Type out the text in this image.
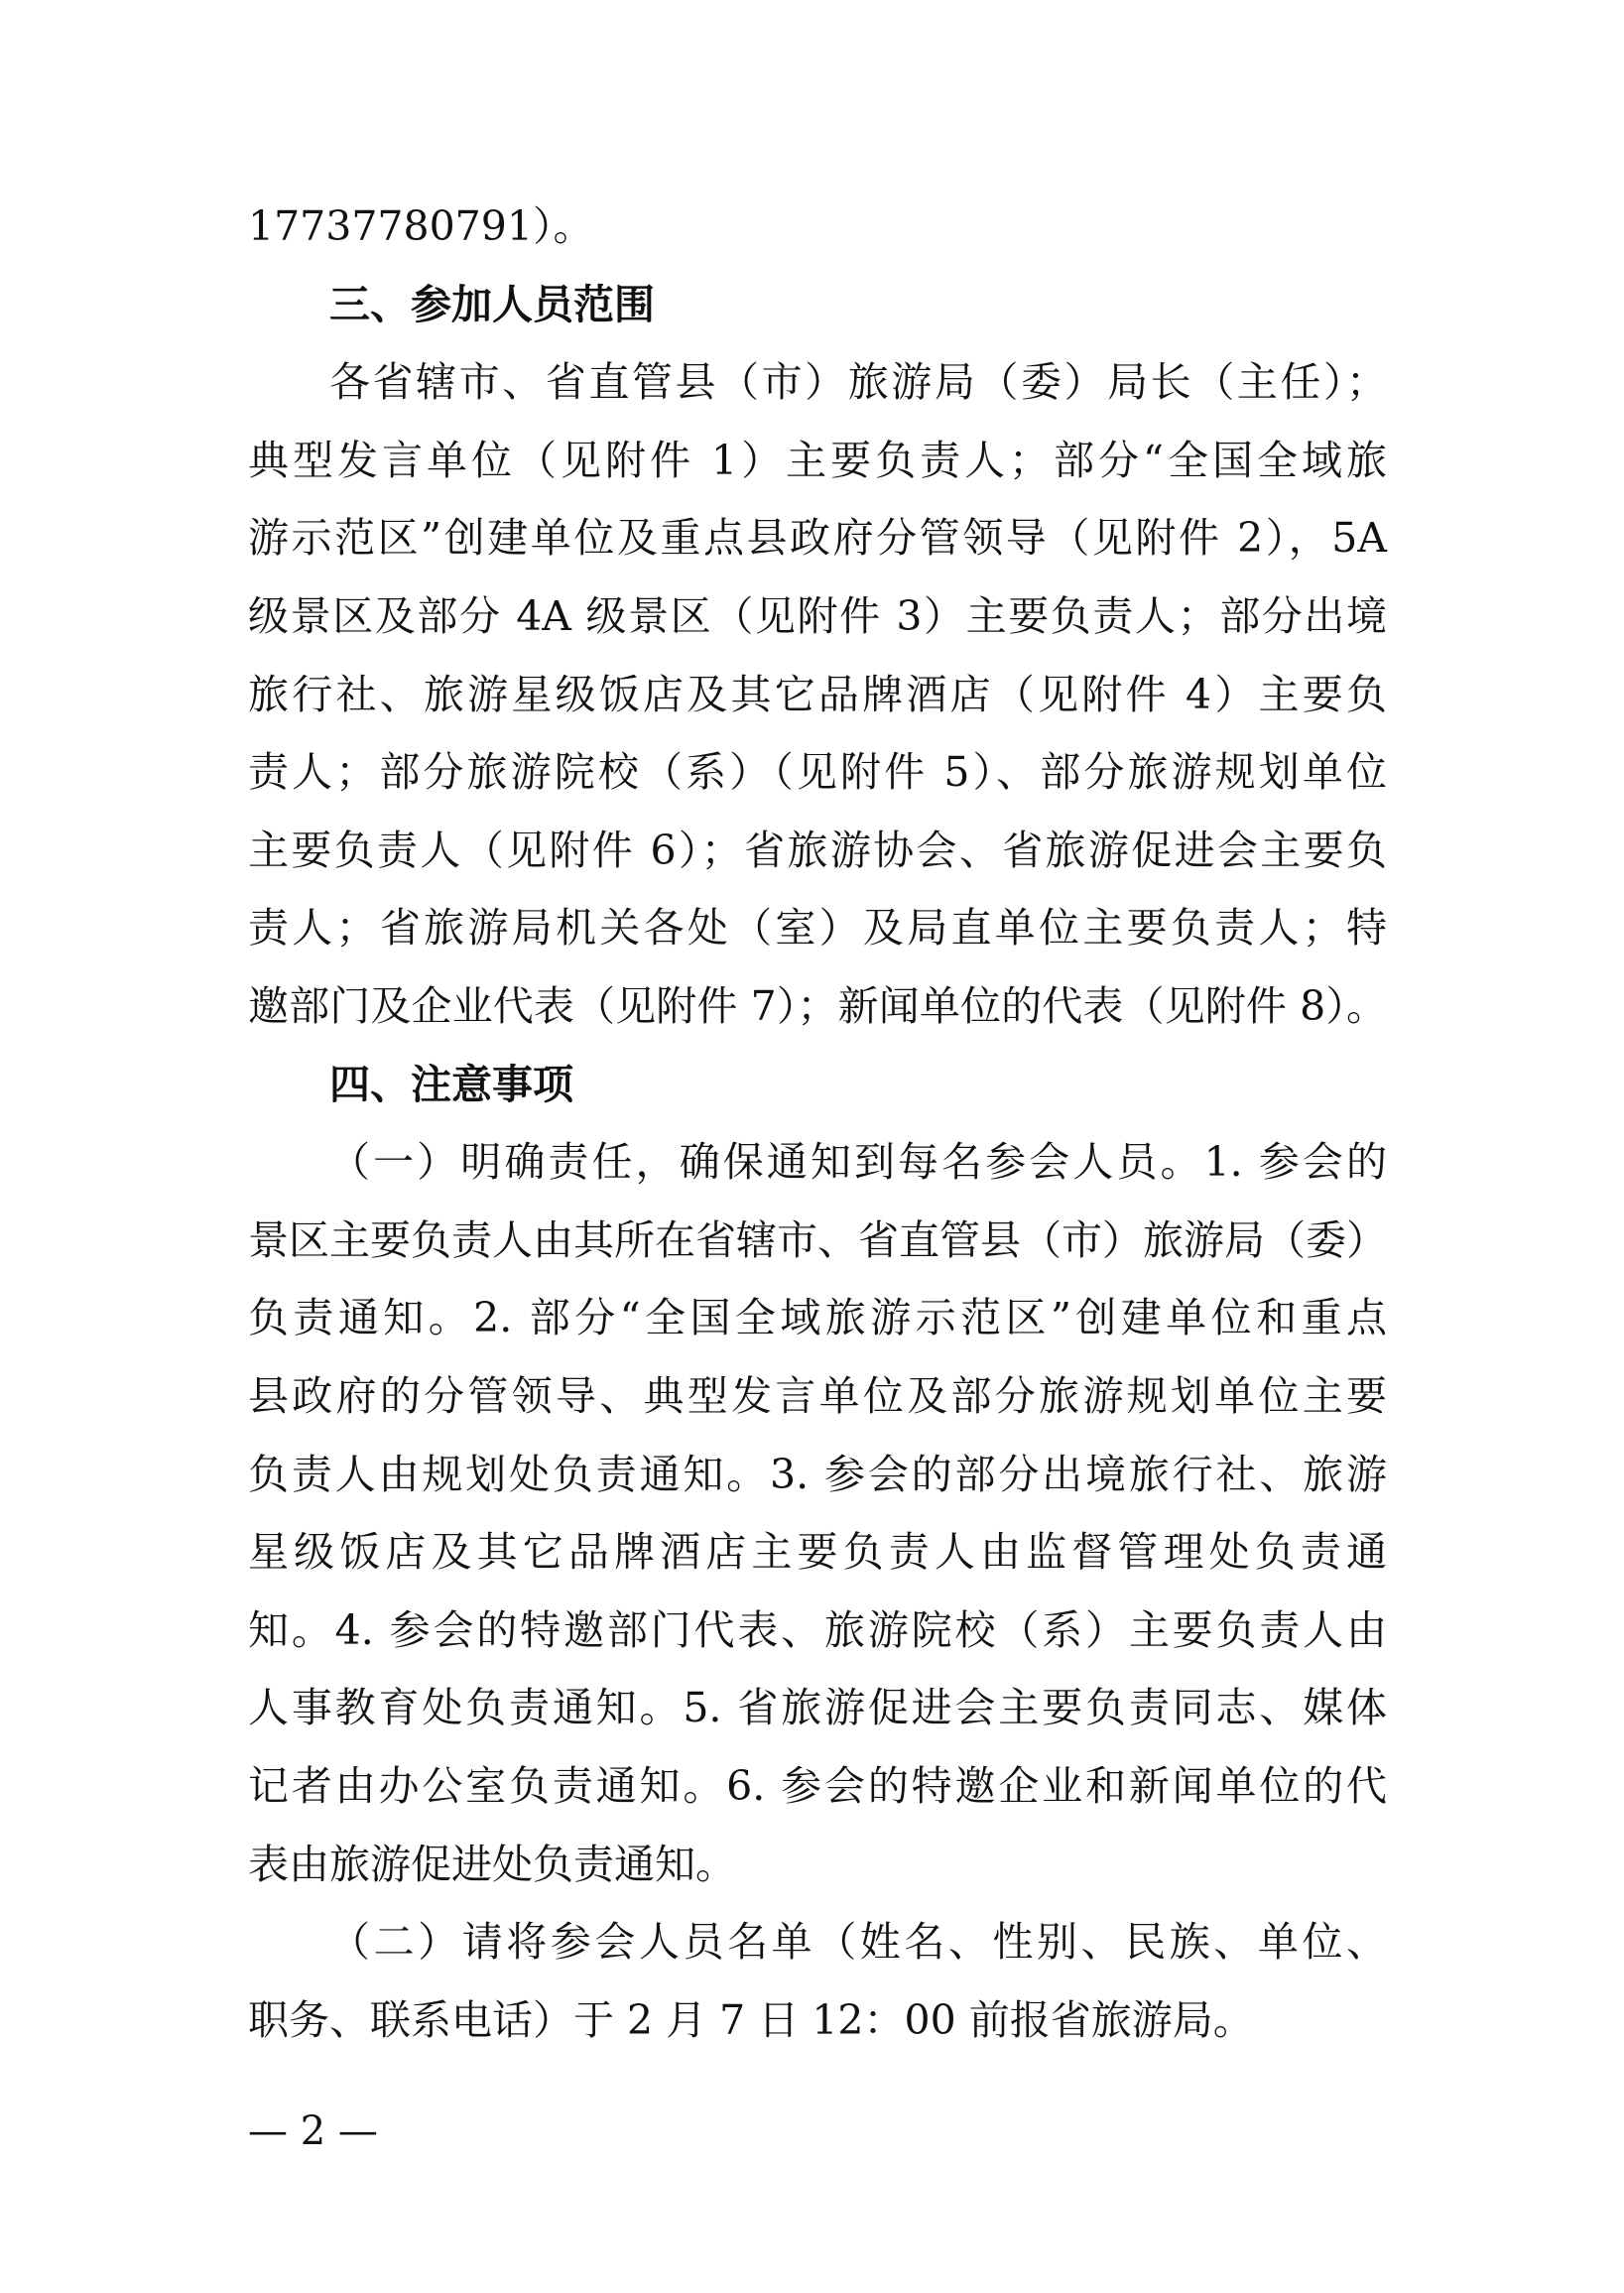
17737780791）。
三、参加人员范围
各省辖市、省直管县（市）旅游局（委）局长（主任）；
典型发言单位（见附件 1）主要负责人；部分“全国全域旅
游示范区”创建单位及重点县政府分管领导（见附件 2），5A
级景区及部分 4A 级景区（见附件 3）主要负责人；部分出境
旅行社、旅游星级饭店及其它品牌酒店（见附件 4）主要负
责人；部分旅游院校（系）（见附件 5）、部分旅游规划单位
主要负责人（见附件 6）；省旅游协会、省旅游促进会主要负
责人；省旅游局机关各处（室）及局直单位主要负责人；特
邀部门及企业代表（见附件 7）；新闻单位的代表（见附件 8）。
四、注意事项
（一）明确责任，确保通知到每名参会人员。1. 参会的
景区主要负责人由其所在省辖市、省直管县（市）旅游局（委）
负责通知。2. 部分“全国全域旅游示范区”创建单位和重点
县政府的分管领导、典型发言单位及部分旅游规划单位主要
负责人由规划处负责通知。3. 参会的部分出境旅行社、旅游
星级饭店及其它品牌酒店主要负责人由监督管理处负责通
知。4. 参会的特邀部门代表、旅游院校（系）主要负责人由
人事教育处负责通知。5. 省旅游促进会主要负责同志、媒体
记者由办公室负责通知。6. 参会的特邀企业和新闻单位的代
表由旅游促进处负责通知。
（二）请将参会人员名单（姓名、性别、民族、单位、
职务、联系电话）于 2 月 7 日 12：00 前报省旅游局。
— 2 —
